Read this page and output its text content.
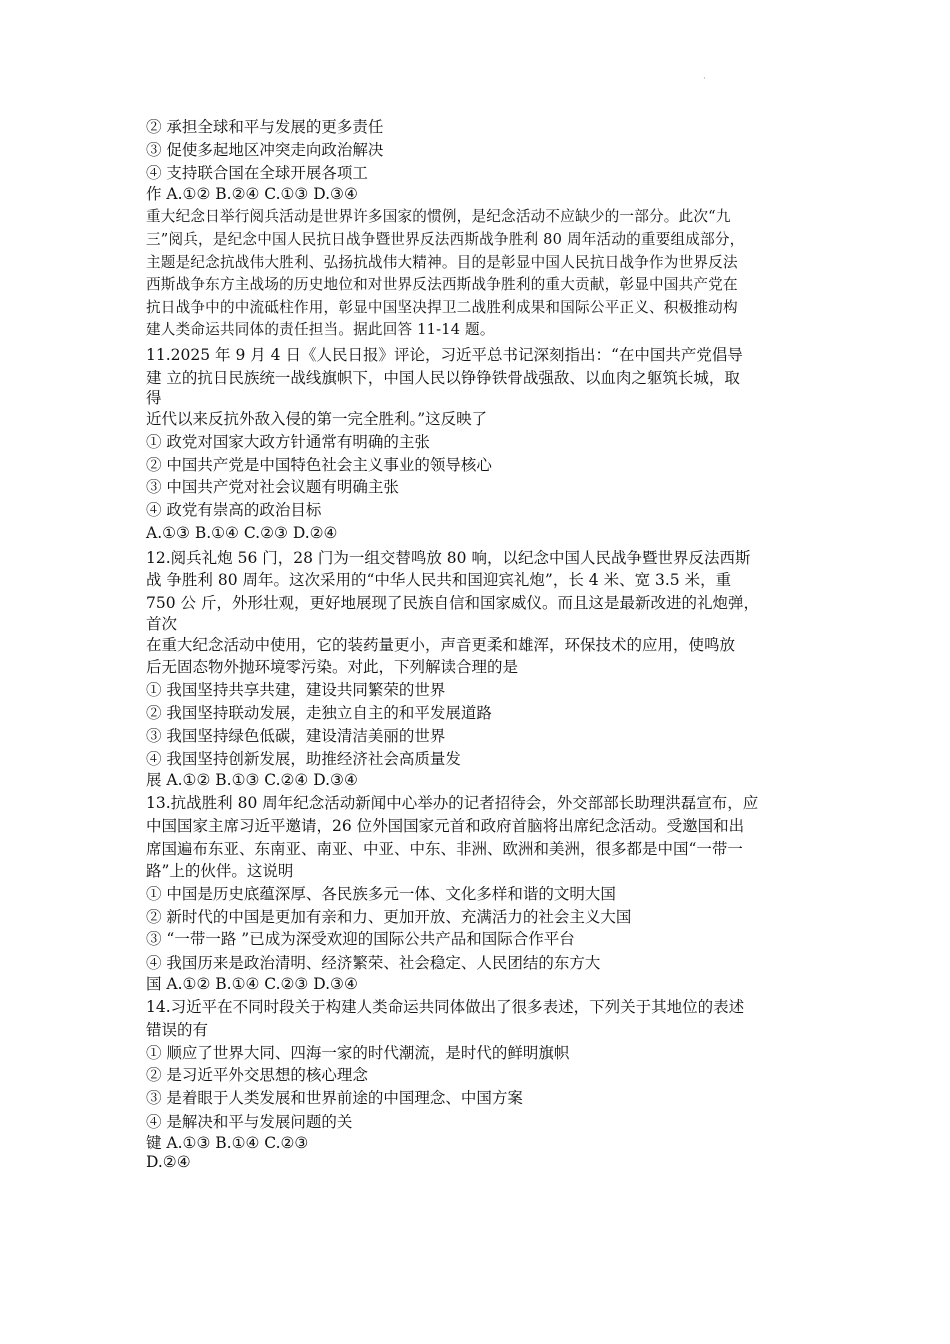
·

② 承担全球和平与发展的更多责任

③ 促使多起地区冲突走向政治解决

④ 支持联合国在全球开展各项工

作 A.①② B.②④ C.①③ D.③④

重大纪念日举行阅兵活动是世界许多国家的惯例，是纪念活动不应缺少的一部分。此次“九

三”阅兵，是纪念中国人民抗日战争暨世界反法西斯战争胜利 80 周年活动的重要组成部分，

主题是纪念抗战伟大胜利、弘扬抗战伟大精神。目的是彰显中国人民抗日战争作为世界反法

西斯战争东方主战场的历史地位和对世界反法西斯战争胜利的重大贡献，彰显中国共产党在

抗日战争中的中流砥柱作用，彰显中国坚决捍卫二战胜利成果和国际公平正义、积极推动构

建人类命运共同体的责任担当。据此回答 11-14 题。

11.2025 年 9 月 4 日《人民日报》评论，习近平总书记深刻指出：“在中国共产党倡导

建 立的抗日民族统一战线旗帜下，中国人民以铮铮铁骨战强敌、以血肉之躯筑长城，取

得

近代以来反抗外敌入侵的第一完全胜利。”这反映了

① 政党对国家大政方针通常有明确的主张

② 中国共产党是中国特色社会主义事业的领导核心

③ 中国共产党对社会议题有明确主张

④ 政党有崇高的政治目标

A.①③ B.①④ C.②③ D.②④

12.阅兵礼炮 56 门，28 门为一组交替鸣放 80 响，以纪念中国人民战争暨世界反法西斯

战 争胜利 80 周年。这次采用的“中华人民共和国迎宾礼炮”，长 4 米、宽 3.5 米，重

750 公 斤，外形壮观，更好地展现了民族自信和国家威仪。而且这是最新改进的礼炮弹，

首次

在重大纪念活动中使用，它的装药量更小，声音更柔和雄浑，环保技术的应用，使鸣放

后无固态物外抛环境零污染。对此，下列解读合理的是

① 我国坚持共享共建，建设共同繁荣的世界

② 我国坚持联动发展，走独立自主的和平发展道路

③ 我国坚持绿色低碳，建设清洁美丽的世界

④ 我国坚持创新发展，助推经济社会高质量发

展 A.①② B.①③ C.②④ D.③④

13.抗战胜利 80 周年纪念活动新闻中心举办的记者招待会，外交部部长助理洪磊宣布，应

中国国家主席习近平邀请，26 位外国国家元首和政府首脑将出席纪念活动。受邀国和出

席国遍布东亚、东南亚、南亚、中亚、中东、非洲、欧洲和美洲，很多都是中国“一带一

路”上的伙伴。这说明

① 中国是历史底蕴深厚、各民族多元一体、文化多样和谐的文明大国

② 新时代的中国是更加有亲和力、更加开放、充满活力的社会主义大国

③ “一带一路 ”已成为深受欢迎的国际公共产品和国际合作平台

④ 我国历来是政治清明、经济繁荣、社会稳定、人民团结的东方大

国 A.①② B.①④ C.②③ D.③④

14.习近平在不同时段关于构建人类命运共同体做出了很多表述，下列关于其地位的表述

错误的有

① 顺应了世界大同、四海一家的时代潮流，是时代的鲜明旗帜

② 是习近平外交思想的核心理念

③ 是着眼于人类发展和世界前途的中国理念、中国方案

④ 是解决和平与发展问题的关

键 A.①③ B.①④ C.②③

D.②④
